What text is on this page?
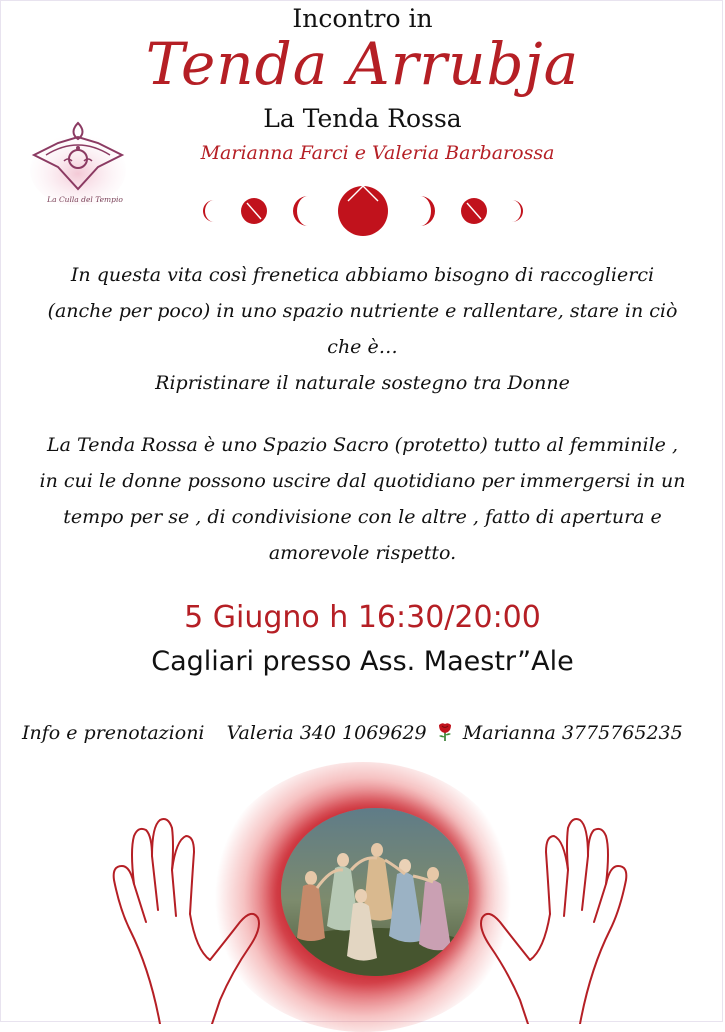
Incontro in
Tenda Arrubja
La Tenda Rossa
Marianna Farci e Valeria Barbarossa
La Culla del Tempio
In questa vita così frenetica abbiamo bisogno di raccoglierci
(anche per poco) in uno spazio nutriente e rallentare, stare in ciò
che è…
Ripristinare il naturale sostegno tra Donne
La Tenda Rossa è uno Spazio Sacro (protetto) tutto al femminile ,
in cui le donne possono uscire dal quotidiano per immergersi in un
tempo per se , di condivisione con le altre , fatto di apertura e
amorevole rispetto.
5 Giugno h 16:30/20:00
Cagliari presso Ass. Maestr”Ale
Info e prenotazioni Valeria 340 1069629 Marianna 3775765235
